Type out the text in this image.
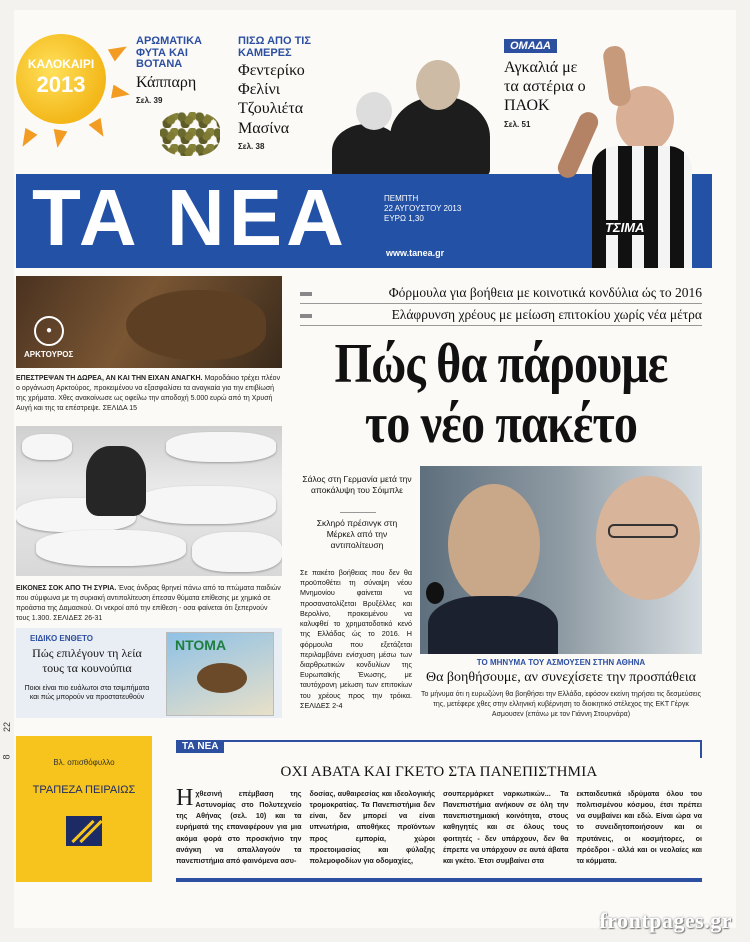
ΚΑΛΟΚΑΙΡΙ
2013
ΑΡΩΜΑΤΙΚΑ ΦΥΤΑ ΚΑΙ ΒΟΤΑΝΑ
Κάππαρη
Σελ. 39
ΠΙΣΩ ΑΠΟ ΤΙΣ ΚΑΜΕΡΕΣ
Φεντερίκο Φελίνι Τζουλιέτα Μασίνα
Σελ. 38
ΟΜΑΔΑ
Αγκαλιά με τα αστέρια ο ΠΑΟΚ
Σελ. 51
ΤΑ ΝΕΑ	ΠΕΜΠΤΗ
22 ΑΥΓΟΥΣΤΟΥ 2013
ΕΥΡΩ 1,30
www.tanea.gr
ΤΣΙΜΑ
●
ΑΡΚΤΟΥΡΟΣ
ΕΠΕΣΤΡΕΨΑΝ ΤΗ ΔΩΡΕΑ, ΑΝ ΚΑΙ ΤΗΝ ΕΙΧΑΝ ΑΝΑΓΚΗ. Μαροδάκιο τρέχει πλέον ο οργάνωση Αρκτούρος, προκειμένου να εξασφαλίσει τα αναγκαία για την επιβίωσή της χρήματα. Χθες ανακοίνωσε ως οφείλω την αποδοχή 5.000 ευρώ από τη Χρυσή Αυγή και της τα επέστρεψε. ΣΕΛΙΔΑ 15
ΕΙΚΟΝΕΣ ΣΟΚ ΑΠΟ ΤΗ ΣΥΡΙΑ. Ένας άνδρας θρηνεί πάνω από τα πτώματα παιδιών που σύμφωνα με τη συριακή αντιπολίτευση έπεσαν θύματα επίθεσης με χημικά σε προάστια της Δαμασκού. Οι νεκροί από την επίθεση - οσα φαίνεται ότι ξεπερνούν τους 1.300. ΣΕΛΙΔΕΣ 26-31
ΕΙΔΙΚΟ ΕΝΘΕΤΟ
Πώς επιλέγουν τη λεία τους τα κουνούπια
Ποιοι είναι πιο ευάλωτοι στα τσιμπήματα και πώς μπορούν να προστατευθούν
ΝΤΟΜΑ
Φόρμουλα για βοήθεια με κοινοτικά κονδύλια ώς το 2016
Ελάφρυνση χρέους με μείωση επιτοκίου χωρίς νέα μέτρα
Πώς θα πάρουμε
το νέο πακέτο
Σάλος στη Γερμανία μετά την αποκάλυψη του Σόιμπλε
Σκληρό πρέσινγκ στη Μέρκελ από την αντιπολίτευση
Σε πακέτο βοήθειας που δεν θα προϋποθέτει τη σύναψη νέου Μνημονίου φαίνεται να προσανατολίζεται Βρυξέλλες και Βερολίνο, προκειμένου να καλυφθεί το χρηματοδοτικό κενό της Ελλάδας ώς το 2016. Η φόρμουλα που εξετάζεται περιλαμβάνει ενίσχυση μέσω των διαρθρωτικών κονδυλίων της Ευρωπαϊκής Ένωσης, με ταυτόχρονη μείωση των επιτοκίων του χρέους προς την τρόικα. ΣΕΛΙΔΕΣ 2-4
ΤΟ ΜΗΝΥΜΑ ΤΟΥ ΑΣΜΟΥΣΕΝ ΣΤΗΝ ΑΘΗΝΑ
Θα βοηθήσουμε, αν συνεχίσετε την προσπάθεια
Το μήνυμα ότι η ευρωζώνη θα βοηθήσει την Ελλάδα, εφόσον εκείνη τηρήσει τις δεσμεύσεις της, μετέφερε χθες στην ελληνική κυβέρνηση το διοικητικό στέλεχος της ΕΚΤ Γέργκ Ασμουσεν (επάνω με τον Γιάννη Στουρνάρα)
22
8
Βλ. οπισθόφυλλο
ΤΡΑΠΕΖΑ ΠΕΙΡΑΙΩΣ
ΤΑ ΝΕΑ
ΟΧΙ ΑΒΑΤΑ ΚΑΙ ΓΚΕΤΟ ΣΤΑ ΠΑΝΕΠΙΣΤΗΜΙΑ
Ηχθεσινή επέμβαση της Αστυνομίας στο Πολυτεχνείο της Αθήνας (σελ. 10) και τα ευρήματά της επαναφέρουν για μια ακόμα φορά στο προσκήνιο την ανάγκη να απαλλαγούν τα πανεπιστήμια από φαινόμενα ασυ-
δοσίας, αυθαιρεσίας και ιδεολογικής τρομοκρατίας. Τα Πανεπιστήμια δεν είναι, δεν μπορεί να είναι υπνωτήρια, αποθήκες προϊόντων προς εμπορία, χώροι προετοιμασίας και φύλαξης πολεμοφοδίων για οδομαχίες,
σουπερμάρκετ ναρκωτικών... Τα Πανεπιστήμια ανήκουν σε όλη την πανεπιστημιακή κοινότητα, στους καθηγητές και σε όλους τους φοιτητές - δεν υπάρχουν, δεν θα έπρεπε να υπάρχουν σε αυτά άβατα και γκέτο. Έτσι συμβαίνει στα
εκπαιδευτικά ιδρύματα όλου του πολιτισμένου κόσμου, έτσι πρέπει να συμβαίνει και εδώ. Είναι ώρα να το συνειδητοποιήσουν και οι πρυτάνεις, οι κοσμήτορες, οι πρόεδροι - αλλά και οι νεολαίες και τα κόμματα.
frontpages.gr
